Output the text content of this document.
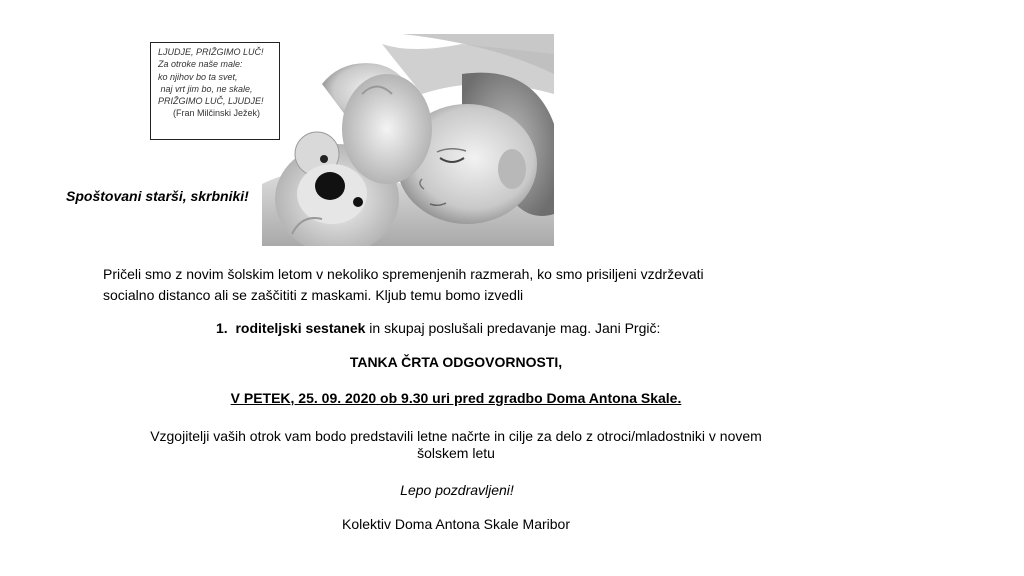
LJUDJE, PRIŽGIMO LUČ!
Za otroke naše male:
ko njihov bo ta svet,
naj vrt jim bo, ne skale,
PRIŽGIMO LUČ, LJUDJE!
(Fran Milčinski Ježek)
Spoštovani starši, skrbniki!
Pričeli smo z novim šolskim letom v nekoliko spremenjenih razmerah, ko smo prisiljeni vzdrževati
socialno distanco ali se zaščititi z maskami. Kljub temu bomo izvedli
1. roditeljski sestanek in skupaj poslušali predavanje mag. Jani Prgič:
TANKA ČRTA ODGOVORNOSTI,
V PETEK, 25. 09. 2020 ob 9.30 uri pred zgradbo Doma Antona Skale.
Vzgojitelji vaših otrok vam bodo predstavili letne načrte in cilje za delo z otroci/mladostniki v novem
šolskem letu
Lepo pozdravljeni!
Kolektiv Doma Antona Skale Maribor
